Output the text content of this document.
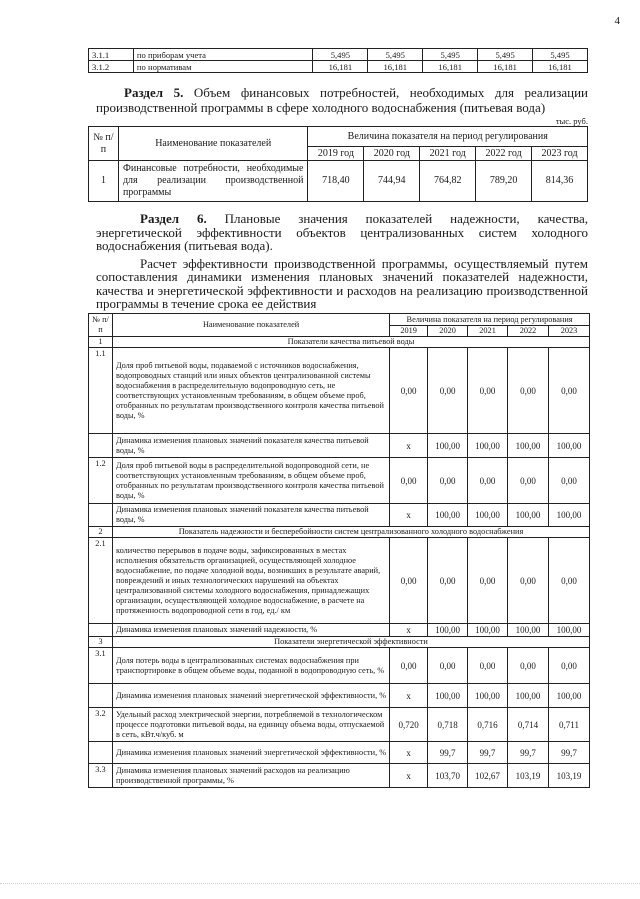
4
3.1.1	по приборам учета	5,495	5,495	5,495	5,495	5,495
3.1.2	по нормативам	16,181	16,181	16,181	16,181	16,181
Раздел 5. Объем финансовых потребностей, необходимых для реализации производственной программы в сфере холодного водоснабжения (питьевая вода)
тыс. руб.
№ п/п	Наименование показателей	Величина показателя на период регулирования				
		2019 год	2020 год	2021 год	2022 год	2023 год
1	Финансовые потребности, необходимые для реализации производственной программы	718,40	744,94	764,82	789,20	814,36

Раздел 6. Плановые значения показателей надежности, качества, энергетической эффективности объектов централизованных систем холодного водоснабжения (питьевая вода).

Расчет эффективности производственной программы, осуществляемый путем сопоставления динамики изменения плановых значений показателей надежности, качества и энергетической эффективности и расходов на реализацию производственной программы в течение срока ее действия

№ п/п	Наименование показателей	Величина показателя на период регулирования				
		2019	2020	2021	2022	2023
1	Показатели качества питьевой воды					
1.1	Доля проб питьевой воды, подаваемой с источников водоснабжения, водопроводных станций или иных объектов централизованной системы водоснабжения в распределительную водопроводную сеть, не соответствующих установленным требованиям, в общем объеме проб, отобранных по результатам производственного контроля качества питьевой воды, %	0,00	0,00	0,00	0,00	0,00
	Динамика изменения плановых значений показателя качества питьевой воды, %	х	100,00	100,00	100,00	100,00
1.2	Доля проб питьевой воды в распределительной водопроводной сети, не соответствующих установленным требованиям, в общем объеме проб, отобранных по результатам производственного контроля качества питьевой воды, %	0,00	0,00	0,00	0,00	0,00
	Динамика изменения плановых значений показателя качества питьевой воды, %	х	100,00	100,00	100,00	100,00
2	Показатель надежности и бесперебойности систем централизованного холодного водоснабжения					
2.1	количество перерывов в подаче воды, зафиксированных в местах исполнения обязательств организацией, осуществляющей холодное водоснабжение, по подаче холодной воды, возникших в результате аварий, повреждений и иных технологических нарушений на объектах централизованной системы холодного водоснабжения, принадлежащих организации, осуществляющей холодное водоснабжение, в расчете на протяженность водопроводной сети в год, ед./ км	0,00	0,00	0,00	0,00	0,00
	Динамика изменения плановых значений надежности, %	х	100,00	100,00	100,00	100,00
3	Показатели энергетической эффективности					
3.1	Доля потерь воды в централизованных системах водоснабжения при транспортировке в общем объеме воды, поданной в водопроводную сеть, %	0,00	0,00	0,00	0,00	0,00
	Динамика изменения плановых значений энергетической эффективности, %	х	100,00	100,00	100,00	100,00
3.2	Удельный расход электрической энергии, потребляемой в технологическом процессе подготовки питьевой воды, на единицу объема воды, отпускаемой в сеть, кВт.ч/куб. м	0,720	0,718	0,716	0,714	0,711
	Динамика изменения плановых значений энергетической эффективности, %	х	99,7	99,7	99,7	99,7
3.3	Динамика изменения плановых значений расходов на реализацию производственной программы, %	х	103,70	102,67	103,19	103,19
